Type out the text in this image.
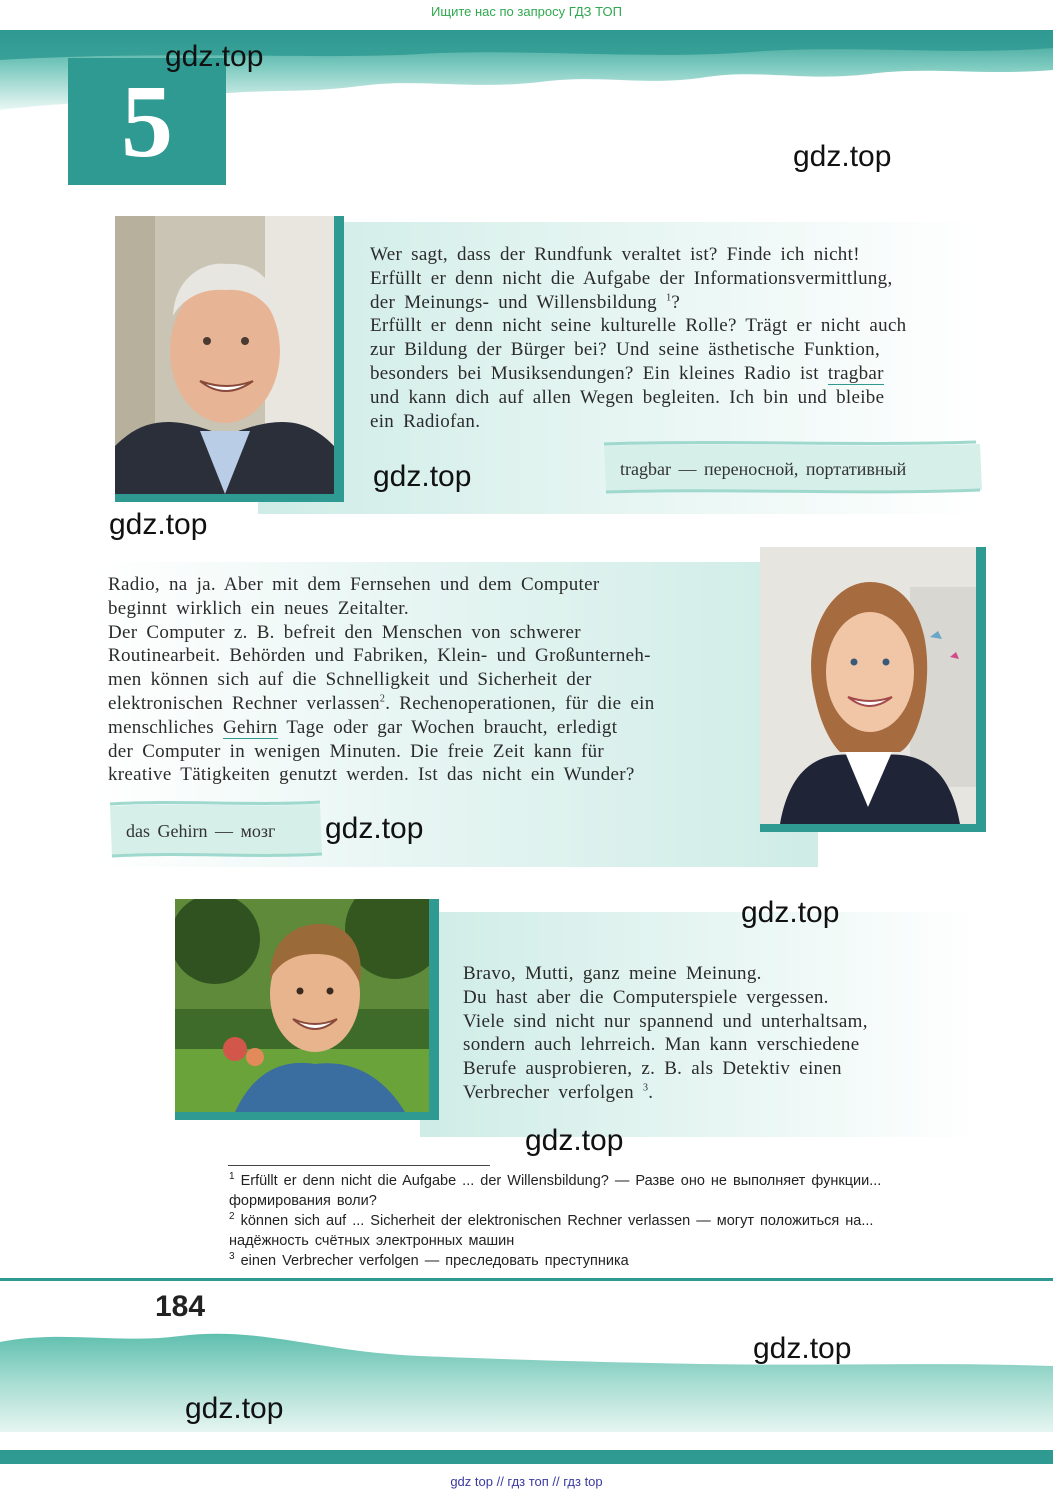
Ищите нас по запросу ГДЗ ТОП
5
Wer sagt, dass der Rundfunk veraltet ist? Finde ich nicht!
Erfüllt er denn nicht die Aufgabe der Informationsvermittlung,
der Meinungs- und Willensbildung $^1$?
Erfüllt er denn nicht seine kulturelle Rolle? Trägt er nicht auch
zur Bildung der Bürger bei? Und seine ästhetische Funktion,
besonders bei Musiksendungen? Ein kleines Radio ist tragbar
und kann dich auf allen Wegen begleiten. Ich bin und bleibe
ein Radiofan.
tragbar — переносной, портативный
Radio, na ja. Aber mit dem Fernsehen und dem Computer
beginnt wirklich ein neues Zeitalter.
Der Computer z. B. befreit den Menschen von schwerer
Routinearbeit. Behörden und Fabriken, Klein- und Großunterneh-
men können sich auf die Schnelligkeit und Sicherheit der
elektronischen Rechner verlassen$^2$. Rechenoperationen, für die ein
menschliches Gehirn Tage oder gar Wochen braucht, erledigt
der Computer in wenigen Minuten. Die freie Zeit kann für
kreative Tätigkeiten genutzt werden. Ist das nicht ein Wunder?
das Gehirn — мозг
Bravo, Mutti, ganz meine Meinung.
Du hast aber die Computerspiele vergessen.
Viele sind nicht nur spannend und unterhaltsam,
sondern auch lehrreich. Man kann verschiedene
Berufe ausprobieren, z. B. als Detektiv einen
Verbrecher verfolgen $^3$.
$^1$ Erfüllt er denn nicht die Aufgabe ... der Willensbildung? — Разве оно не выполняет функции...
формирования воли?
$^2$ können sich auf ... Sicherheit der elektronischen Rechner verlassen — могут положиться на...
надёжность счётных электронных машин
$^3$ einen Verbrecher verfolgen — преследовать преступника
184
gdz.top
gdz.top
gdz.top
gdz.top
gdz.top
gdz.top
gdz.top
gdz.top
gdz.top
gdz top // гдз топ // гдз top
